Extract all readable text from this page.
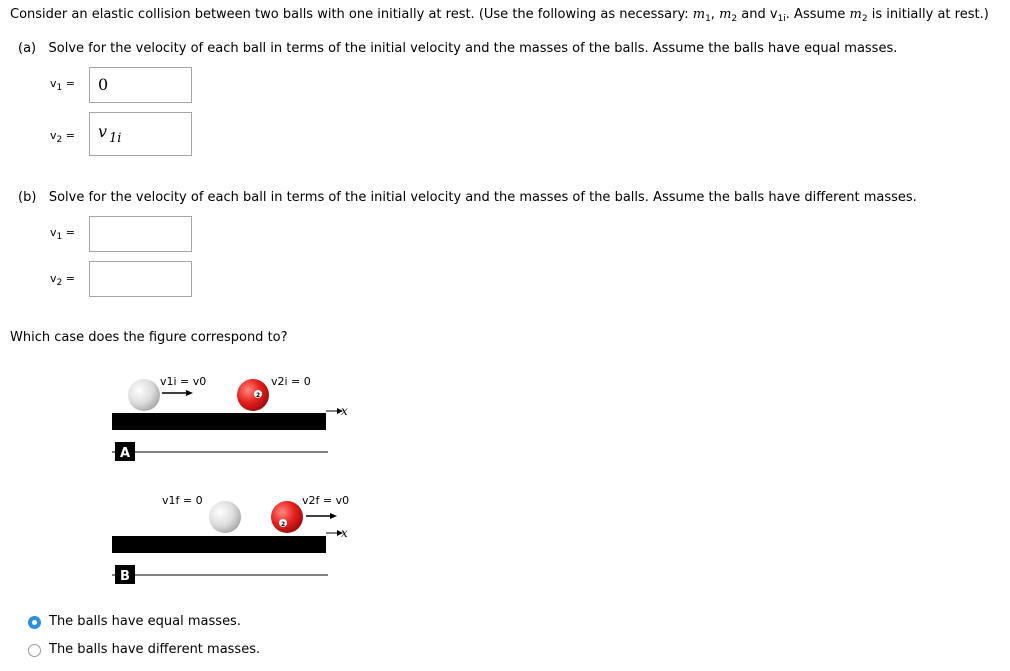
Consider an elastic collision between two balls with one initially at rest. (Use the following as necessary: $m_1$, $m_2$ and $v_{1i}$. Assume $m_2$ is initially at rest.)
(a) Solve for the velocity of each ball in terms of the initial velocity and the masses of the balls. Assume the balls have equal masses.
$v_1 = 0$
$v_2 = v$ 1i
(b) Solve for the velocity of each ball in terms of the initial velocity and the masses of the balls. Assume the balls have different masses.
$v_1$ =
$v_2$ =
Which case does the figure correspond to?
x
v1i = v0
2
v2i = 0
A
x
v1f = 0
2
v2f = v0
B
The balls have equal masses.
The balls have different masses.
